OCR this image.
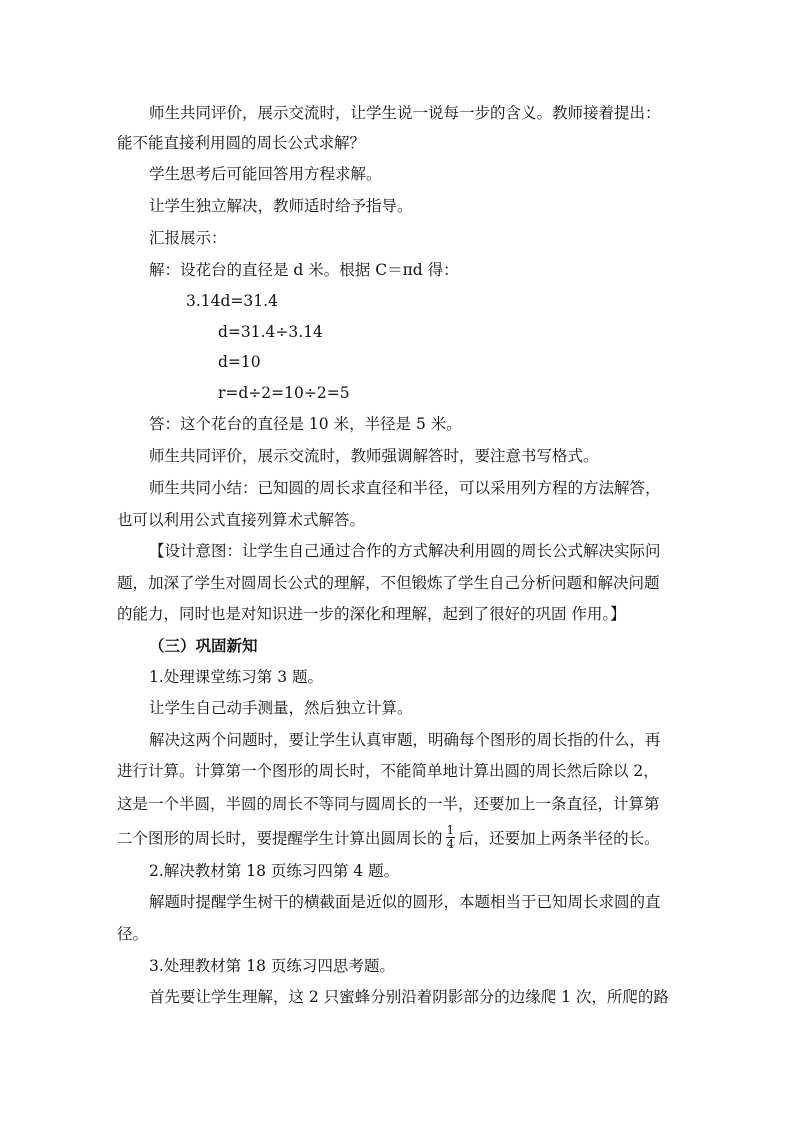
师生共同评价，展示交流时，让学生说一说每一步的含义。教师接着提出：
能不能直接利用圆的周长公式求解？
学生思考后可能回答用方程求解。
让学生独立解决，教师适时给予指导。
汇报展示：
解：设花台的直径是 d 米。根据 C＝πd 得：
3.14d=31.4
d=31.4÷3.14
d=10
r=d÷2=10÷2=5
答：这个花台的直径是 10 米，半径是 5 米。
师生共同评价，展示交流时，教师强调解答时，要注意书写格式。
师生共同小结：已知圆的周长求直径和半径，可以采用列方程的方法解答，
也可以利用公式直接列算术式解答。
【设计意图：让学生自己通过合作的方式解决利用圆的周长公式解决实际问
题，加深了学生对圆周长公式的理解，不但锻炼了学生自己分析问题和解决问题
的能力，同时也是对知识进一步的深化和理解，起到了很好的巩固 作用。】
（三）巩固新知
1.处理课堂练习第 3 题。
让学生自己动手测量，然后独立计算。
解决这两个问题时，要让学生认真审题，明确每个图形的周长指的什么，再
进行计算。计算第一个图形的周长时，不能简单地计算出圆的周长然后除以 2，
这是一个半圆，半圆的周长不等同与圆周长的一半，还要加上一条直径，计算第
二个图形的周长时，要提醒学生计算出圆周长的 $\frac{1}{4}$ 后，还要加上两条半径的长。
2.解决教材第 18 页练习四第 4 题。
解题时提醒学生树干的横截面是近似的圆形，本题相当于已知周长求圆的直
径。
3.处理教材第 18 页练习四思考题。
首先要让学生理解，这 2 只蜜蜂分别沿着阴影部分的边缘爬 1 次，所爬的路
